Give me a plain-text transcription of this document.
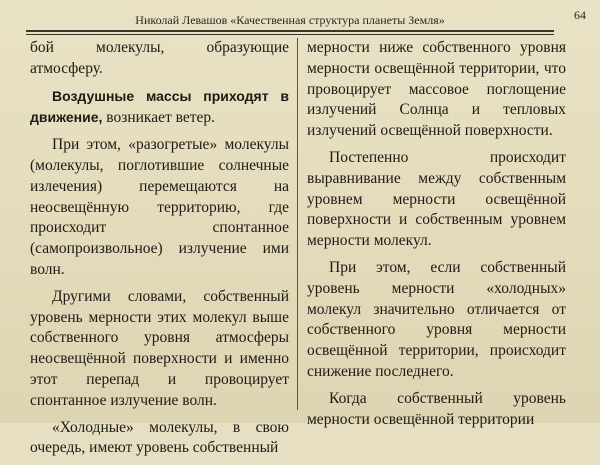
Николай Левашов «Качественная структура планеты Земля»	64

бой молекулы, образующие атмосферу.

Воздушные массы приходят в движение, возникает ветер.

При этом, «разогретые» молекулы (молекулы, поглотившие солнечные излечения) перемещаются на неосвещённую территорию, где происходит спонтанное (самопроизвольное) излучение ими волн.

Другими словами, собственный уровень мерности этих молекул выше собственного уровня атмосферы неосвещённой поверхности и именно этот перепад и провоцирует спонтанное излучение волн.

«Холодные» молекулы, в свою очередь, имеют уровень собственный

мерности ниже собственного уровня мерности освещённой территории, что провоцирует массовое поглощение излучений Солнца и тепловых излучений освещённой поверхности.

Постепенно происходит выравнивание между собственным уровнем мерности освещённой поверхности и собственным уровнем мерности молекул.

При этом, если собственный уровень мерности «холодных» молекул значительно отличается от собственного уровня мерности освещённой территории, происходит снижение последнего.

Когда собственный уровень мерности освещённой территории
